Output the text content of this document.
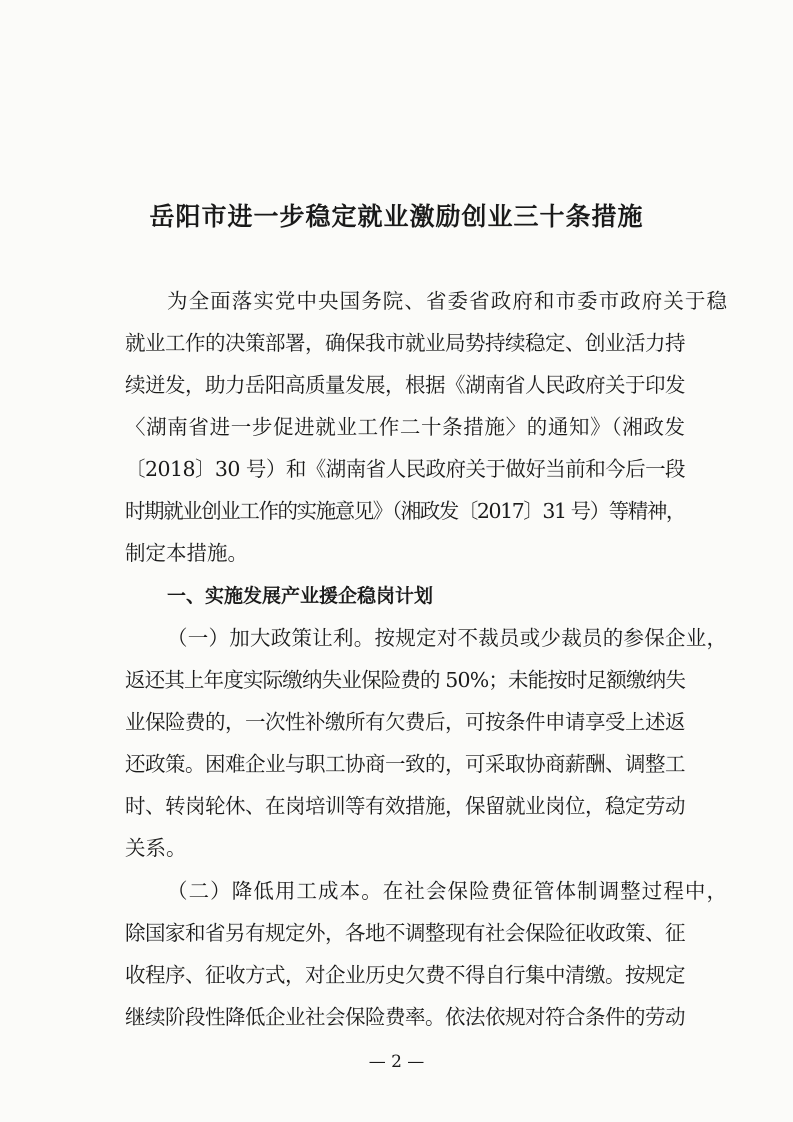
岳阳市进一步稳定就业激励创业三十条措施
为全面落实党中央国务院、省委省政府和市委市政府关于稳
就业工作的决策部署，确保我市就业局势持续稳定、创业活力持
续迸发，助力岳阳高质量发展，根据《湖南省人民政府关于印发
〈湖南省进一步促进就业工作二十条措施〉的通知》（湘政发
〔2018〕30 号）和《湖南省人民政府关于做好当前和今后一段
时期就业创业工作的实施意见》（湘政发〔2017〕31 号）等精神，
制定本措施。
一、实施发展产业援企稳岗计划
（一）加大政策让利。按规定对不裁员或少裁员的参保企业，
返还其上年度实际缴纳失业保险费的 50%；未能按时足额缴纳失
业保险费的，一次性补缴所有欠费后，可按条件申请享受上述返
还政策。困难企业与职工协商一致的，可采取协商薪酬、调整工
时、转岗轮休、在岗培训等有效措施，保留就业岗位，稳定劳动
关系。
（二）降低用工成本。在社会保险费征管体制调整过程中，
除国家和省另有规定外，各地不调整现有社会保险征收政策、征
收程序、征收方式，对企业历史欠费不得自行集中清缴。按规定
继续阶段性降低企业社会保险费率。依法依规对符合条件的劳动
— 2 —
